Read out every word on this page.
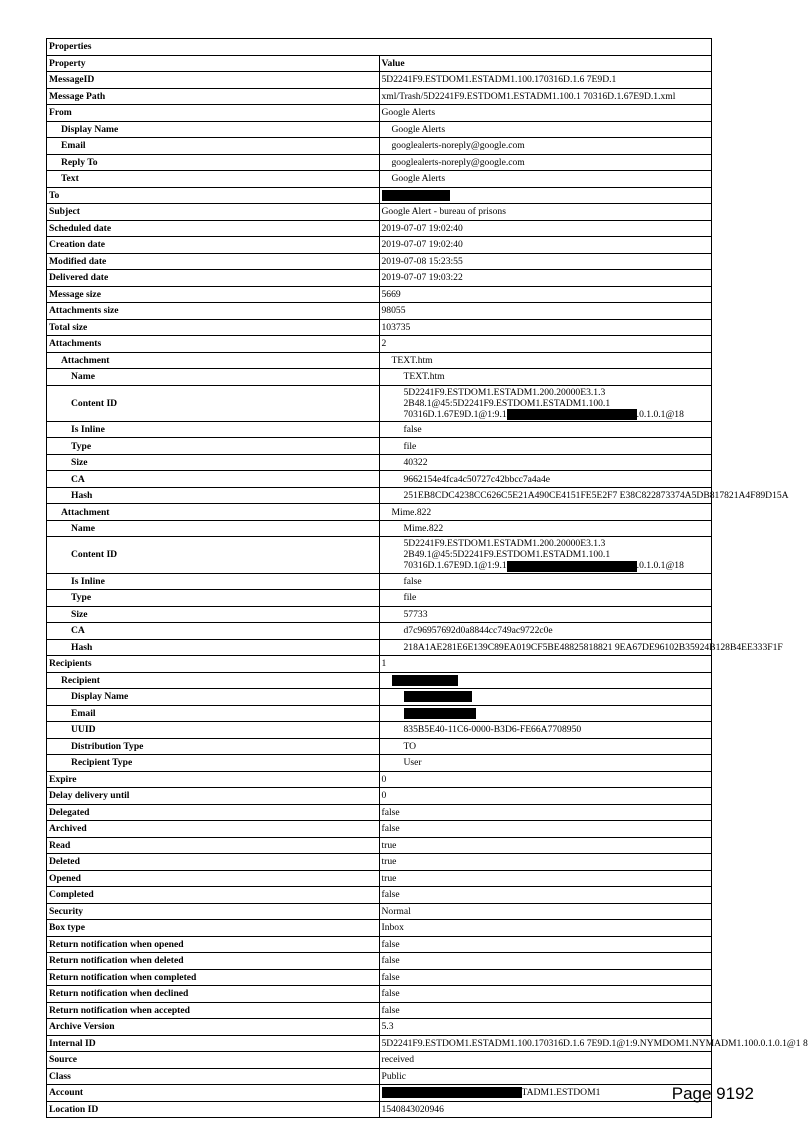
Properties	
Property	Value
MessageID	5D2241F9.ESTDOM1.ESTADM1.100.170316D.1.6 7E9D.1
Message Path	xml/Trash/5D2241F9.ESTDOM1.ESTADM1.100.1 70316D.1.67E9D.1.xml
From	Google Alerts
Display Name	Google Alerts
Email	googlealerts-noreply@google.com
Reply To	googlealerts-noreply@google.com
Text	Google Alerts
To	
Subject	Google Alert - bureau of prisons
Scheduled date	2019-07-07 19:02:40
Creation date	2019-07-07 19:02:40
Modified date	2019-07-08 15:23:55
Delivered date	2019-07-07 19:03:22
Message size	5669
Attachments size	98055
Total size	103735
Attachments	2
Attachment	TEXT.htm
Name	TEXT.htm
Content ID	5D2241F9.ESTDOM1.ESTADM1.200.20000E3.1.3 2B48.1@45:5D2241F9.ESTDOM1.ESTADM1.100.1
70316D.1.67E9D.1@1:9.1 .0.1.0.1@18

Is Inline	false
Type	file
Size	40322
CA	9662154e4fca4c50727c42bbcc7a4a4e
Hash	251EB8CDC4238CC626C5E21A490CE4151FE5E2F7 E38C822873374A5DB817821A4F89D15A
Attachment	Mime.822
Name	Mime.822
Content ID	5D2241F9.ESTDOM1.ESTADM1.200.20000E3.1.3 2B49.1@45:5D2241F9.ESTDOM1.ESTADM1.100.1
70316D.1.67E9D.1@1:9.1 .0.1.0.1@18

Is Inline	false
Type	file
Size	57733
CA	d7c96957692d0a8844cc749ac9722c0e
Hash	218A1AE281E6E139C89EA019CF5BE48825818821 9EA67DE96102B35924B128B4EE333F1F
Recipients	1
Recipient	
Display Name	
Email	
UUID	835B5E40-11C6-0000-B3D6-FE66A7708950
Distribution Type	TO
Recipient Type	User
Expire	0
Delay delivery until	0
Delegated	false
Archived	false
Read	true
Deleted	true
Opened	true
Completed	false
Security	Normal
Box type	Inbox
Return notification when opened	false
Return notification when deleted	false
Return notification when completed	false
Return notification when declined	false
Return notification when accepted	false
Archive Version	5.3
Internal ID	5D2241F9.ESTDOM1.ESTADM1.100.170316D.1.6 7E9D.1@1:9.NYMDOM1.NYMADM1.100.0.1.0.1@1 8
Source	received
Class	Public
Account	TADM1.ESTDOM1
Location ID	1540843020946
Page 9192
